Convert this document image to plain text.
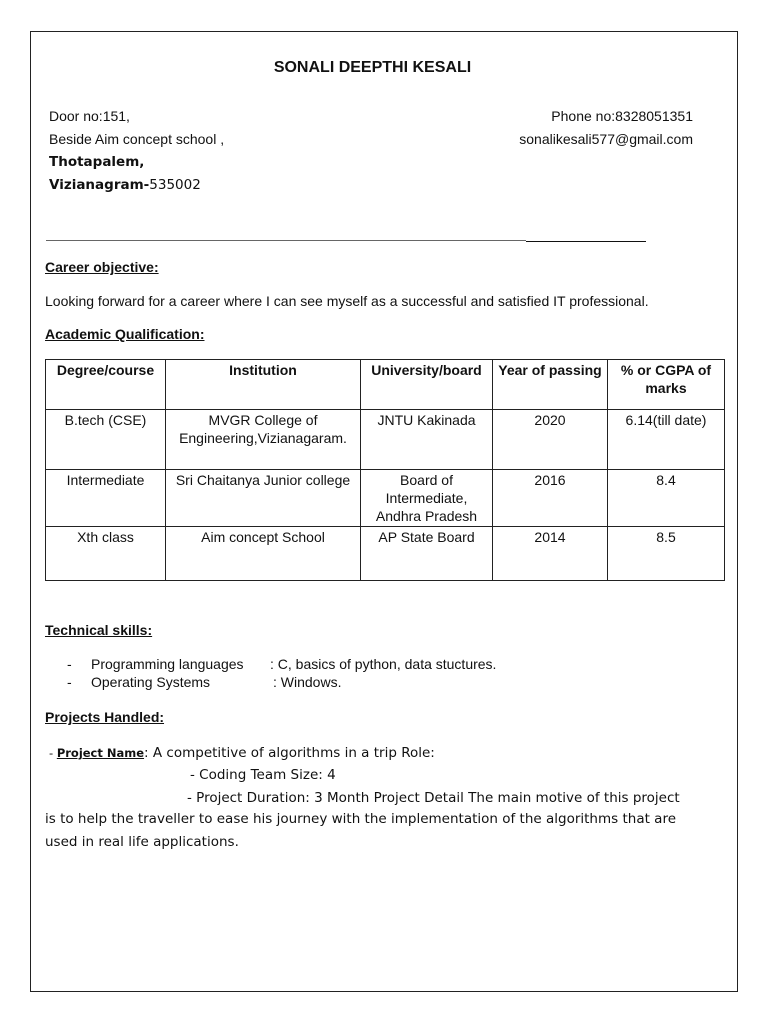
SONALI DEEPTHI KESALI
Door no:151,
Beside Aim concept school ,
Thotapalem,
Vizianagram-535002
Phone no:8328051351
sonalikesali577@gmail.com
Career objective:
Looking forward for a career where I can see myself as a successful and satisfied IT professional.
Academic Qualification:
Degree/course	Institution	University/board	Year of passing	% or CGPA of marks
B.tech (CSE)	MVGR College of Engineering,Vizianagaram.	JNTU Kakinada	2020	6.14(till date)
Intermediate	Sri Chaitanya Junior college	Board of Intermediate, Andhra Pradesh	2016	8.4
Xth class	Aim concept School	AP State Board	2014	8.5
Technical skills:
- Programming languages : C, basics of python, data stuctures.
- Operating Systems	: Windows.
Projects Handled:
- Project Name: A competitive of algorithms in a trip Role:
- Coding Team Size: 4
- Project Duration: 3 Month Project Detail The main motive of this project
is to help the traveller to ease his journey with the implementation of the algorithms that are
used in real life applications.
